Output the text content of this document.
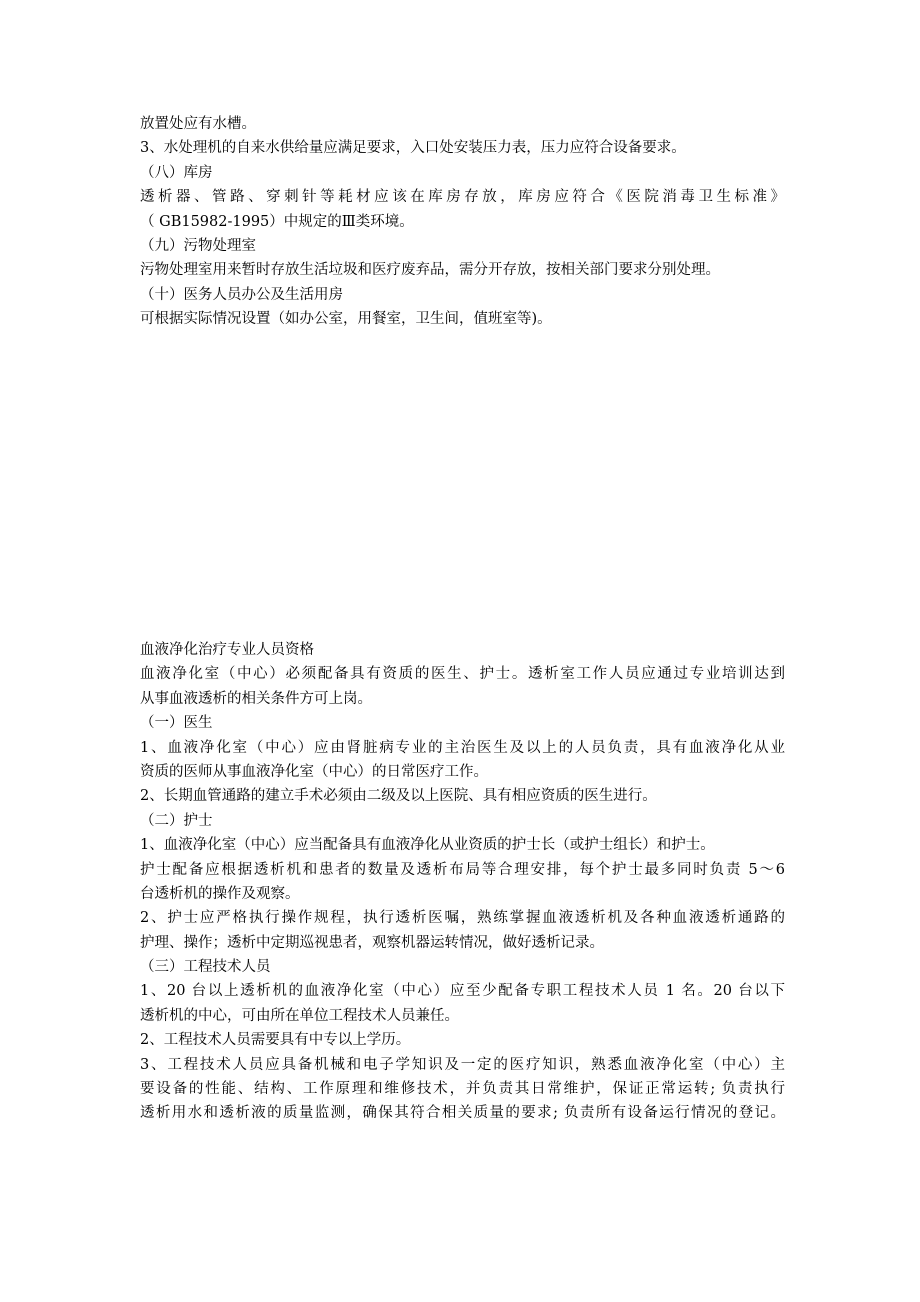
放置处应有水槽。
3、水处理机的自来水供给量应满足要求，入口处安装压力表，压力应符合设备要求。
（八）库房
透析器、管路、穿刺针等耗材应该在库房存放，库房应符合《医院消毒卫生标准》
（ GB15982-1995）中规定的Ⅲ类环境。
（九）污物处理室
污物处理室用来暂时存放生活垃圾和医疗废弃品，需分开存放，按相关部门要求分别处理。
（十）医务人员办公及生活用房
可根据实际情况设置（如办公室，用餐室，卫生间，值班室等)。
血液净化治疗专业人员资格
血液净化室（中心）必须配备具有资质的医生、护士。透析室工作人员应通过专业培训达到
从事血液透析的相关条件方可上岗。
（一）医生
1、血液净化室（中心）应由肾脏病专业的主治医生及以上的人员负责，具有血液净化从业
资质的医师从事血液净化室（中心）的日常医疗工作。
2、长期血管通路的建立手术必须由二级及以上医院、具有相应资质的医生进行。
（二）护士
1、血液净化室（中心）应当配备具有血液净化从业资质的护士长（或护士组长）和护士。
护士配备应根据透析机和患者的数量及透析布局等合理安排，每个护士最多同时负责 5～6
台透析机的操作及观察。
2、护士应严格执行操作规程，执行透析医嘱，熟练掌握血液透析机及各种血液透析通路的
护理、操作；透析中定期巡视患者，观察机器运转情况，做好透析记录。
（三）工程技术人员
1、20 台以上透析机的血液净化室（中心）应至少配备专职工程技术人员 1 名。20 台以下
透析机的中心，可由所在单位工程技术人员兼任。
2、工程技术人员需要具有中专以上学历。
3、工程技术人员应具备机械和电子学知识及一定的医疗知识，熟悉血液净化室（中心）主
要设备的性能、结构、工作原理和维修技术，并负责其日常维护，保证正常运转; 负责执行
透析用水和透析液的质量监测，确保其符合相关质量的要求; 负责所有设备运行情况的登记。
